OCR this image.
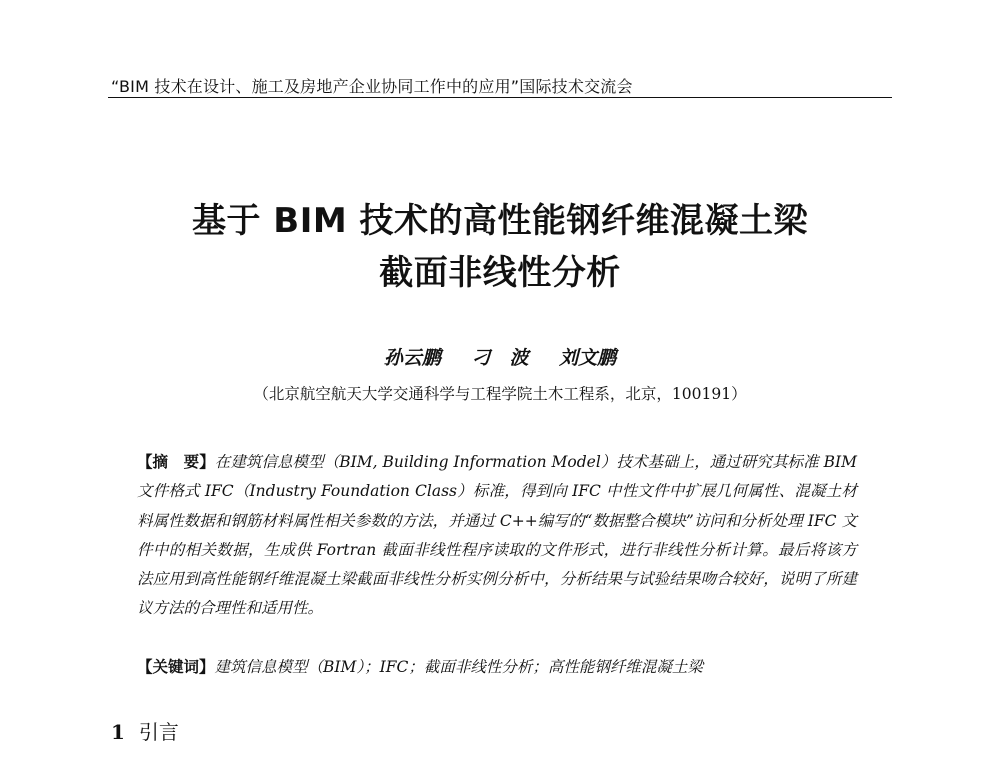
“BIM 技术在设计、施工及房地产企业协同工作中的应用”国际技术交流会
基于 BIM 技术的高性能钢纤维混凝土梁
截面非线性分析
孙云鹏 刁　波 刘文鹏
（北京航空航天大学交通科学与工程学院土木工程系，北京，100191）
【摘　要】在建筑信息模型（BIM, Building Information Model）技术基础上，通过研究其标准 BIM 文件格式 IFC（Industry Foundation Class）标准，得到向 IFC 中性文件中扩展几何属性、混凝土材料属性数据和钢筋材料属性相关参数的方法，并通过 C++编写的“数据整合模块”访问和分析处理 IFC 文件中的相关数据，生成供 Fortran 截面非线性程序读取的文件形式，进行非线性分析计算。最后将该方法应用到高性能钢纤维混凝土梁截面非线性分析实例分析中，分析结果与试验结果吻合较好，说明了所建议方法的合理性和适用性。
【关键词】建筑信息模型（BIM）；IFC；截面非线性分析；高性能钢纤维混凝土梁
1 引言
